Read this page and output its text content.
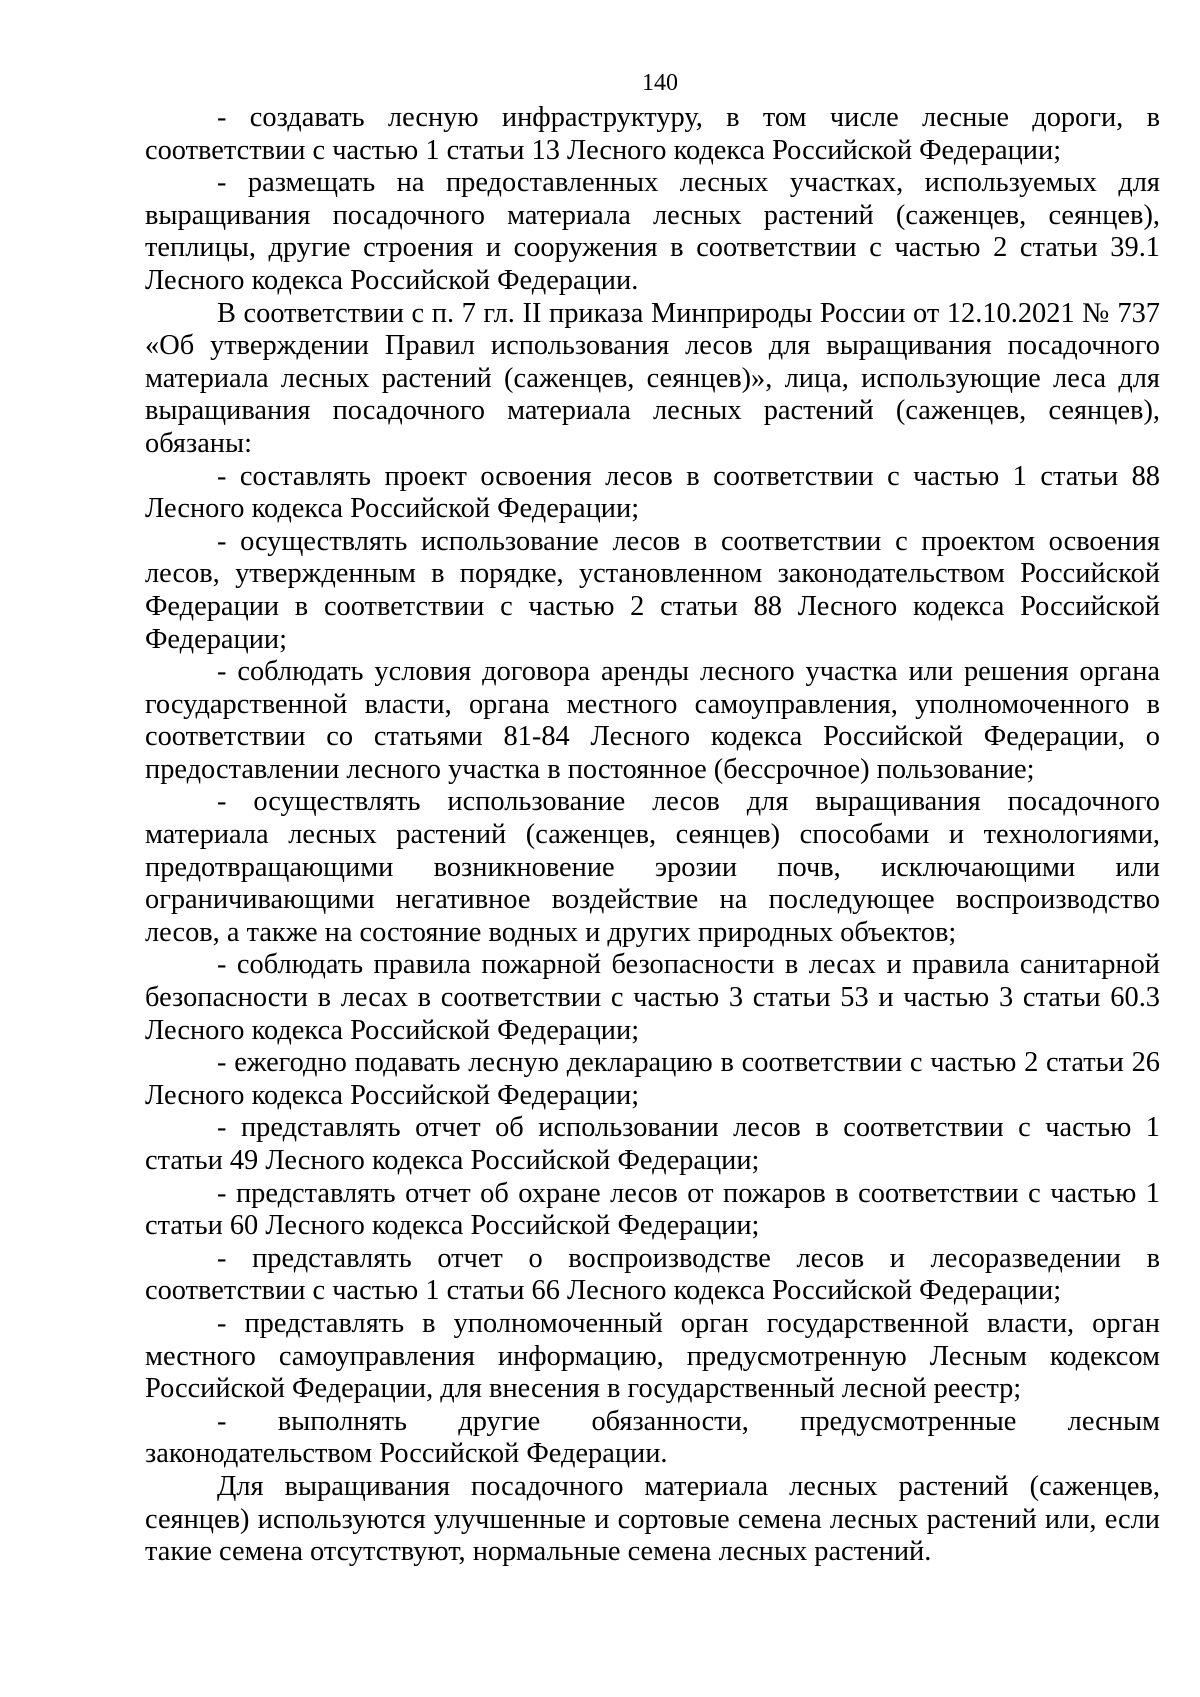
140

- создавать лесную инфраструктуру, в том числе лесные дороги, в соответствии с частью 1 статьи 13 Лесного кодекса Российской Федерации;

- размещать на предоставленных лесных участках, используемых для выращивания посадочного материала лесных растений (саженцев, сеянцев), теплицы, другие строения и сооружения в соответствии с частью 2 статьи 39.1 Лесного кодекса Российской Федерации.

В соответствии с п. 7 гл. II приказа Минприроды России от 12.10.2021 № 737 «Об утверждении Правил использования лесов для выращивания посадочного материала лесных растений (саженцев, сеянцев)», лица, использующие леса для выращивания посадочного материала лесных растений (саженцев, сеянцев), обязаны:

- составлять проект освоения лесов в соответствии с частью 1 статьи 88 Лесного кодекса Российской Федерации;

- осуществлять использование лесов в соответствии с проектом освоения лесов, утвержденным в порядке, установленном законодательством Российской Федерации в соответствии с частью 2 статьи 88 Лесного кодекса Российской Федерации;

- соблюдать условия договора аренды лесного участка или решения органа государственной власти, органа местного самоуправления, уполномоченного в соответствии со статьями 81-84 Лесного кодекса Российской Федерации, о предоставлении лесного участка в постоянное (бессрочное) пользование;

- осуществлять использование лесов для выращивания посадочного материала лесных растений (саженцев, сеянцев) способами и технологиями, предотвращающими возникновение эрозии почв, исключающими или ограничивающими негативное воздействие на последующее воспроизводство лесов, а также на состояние водных и других природных объектов;

- соблюдать правила пожарной безопасности в лесах и правила санитарной безопасности в лесах в соответствии с частью 3 статьи 53 и частью 3 статьи 60.3 Лесного кодекса Российской Федерации;

- ежегодно подавать лесную декларацию в соответствии с частью 2 статьи 26 Лесного кодекса Российской Федерации;

- представлять отчет об использовании лесов в соответствии с частью 1 статьи 49 Лесного кодекса Российской Федерации;

- представлять отчет об охране лесов от пожаров в соответствии с частью 1 статьи 60 Лесного кодекса Российской Федерации;

- представлять отчет о воспроизводстве лесов и лесоразведении в соответствии с частью 1 статьи 66 Лесного кодекса Российской Федерации;

- представлять в уполномоченный орган государственной власти, орган местного самоуправления информацию, предусмотренную Лесным кодексом Российской Федерации, для внесения в государственный лесной реестр;

- выполнять другие обязанности, предусмотренные лесным законодательством Российской Федерации.

Для выращивания посадочного материала лесных растений (саженцев, сеянцев) используются улучшенные и сортовые семена лесных растений или, если такие семена отсутствуют, нормальные семена лесных растений.
